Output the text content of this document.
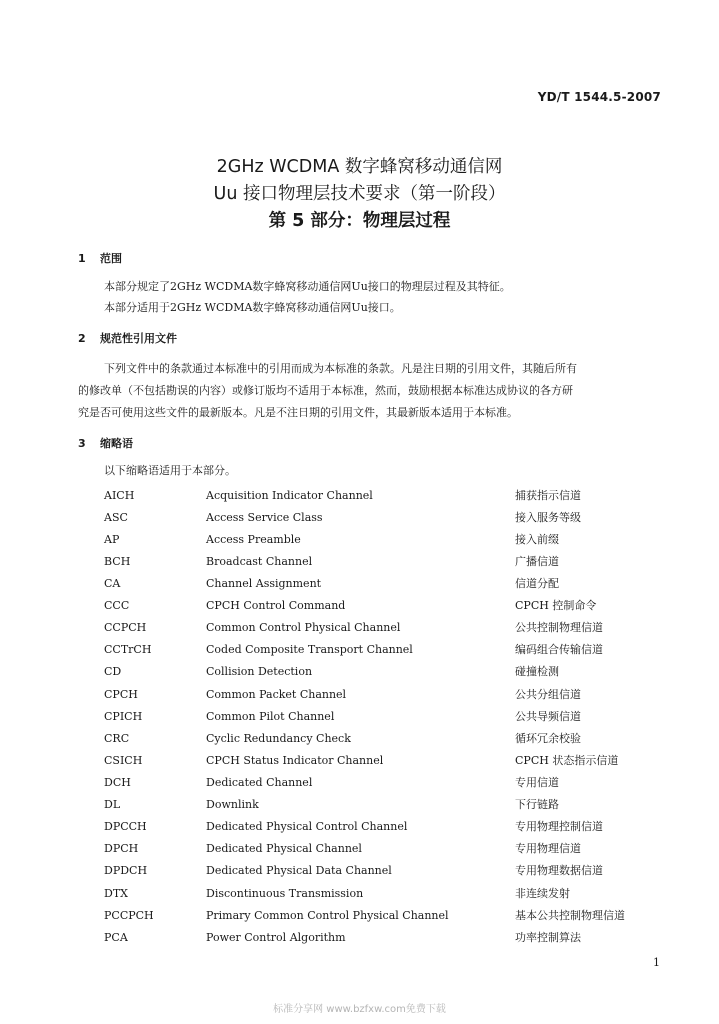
YD/T 1544.5-2007
2GHz WCDMA 数字蜂窝移动通信网
Uu 接口物理层技术要求（第一阶段）
第 5 部分：物理层过程
1 范围
本部分规定了2GHz WCDMA数字蜂窝移动通信网Uu接口的物理层过程及其特征。
本部分适用于2GHz WCDMA数字蜂窝移动通信网Uu接口。
2 规范性引用文件
下列文件中的条款通过本标准中的引用而成为本标准的条款。凡是注日期的引用文件，其随后所有
的修改单（不包括勘误的内容）或修订版均不适用于本标准，然而，鼓励根据本标准达成协议的各方研
究是否可使用这些文件的最新版本。凡是不注日期的引用文件，其最新版本适用于本标准。
3 缩略语
以下缩略语适用于本部分。
AICH	Acquisition Indicator Channel	捕获指示信道
ASC	Access Service Class	接入服务等级
AP	Access Preamble	接入前缀
BCH	Broadcast Channel	广播信道
CA	Channel Assignment	信道分配
CCC	CPCH Control Command	CPCH 控制命令
CCPCH	Common Control Physical Channel	公共控制物理信道
CCTrCH	Coded Composite Transport Channel	编码组合传输信道
CD	Collision Detection	碰撞检测
CPCH	Common Packet Channel	公共分组信道
CPICH	Common Pilot Channel	公共导频信道
CRC	Cyclic Redundancy Check	循环冗余校验
CSICH	CPCH Status Indicator Channel	CPCH 状态指示信道
DCH	Dedicated Channel	专用信道
DL	Downlink	下行链路
DPCCH	Dedicated Physical Control Channel	专用物理控制信道
DPCH	Dedicated Physical Channel	专用物理信道
DPDCH	Dedicated Physical Data Channel	专用物理数据信道
DTX	Discontinuous Transmission	非连续发射
PCCPCH	Primary Common Control Physical Channel	基本公共控制物理信道
PCA	Power Control Algorithm	功率控制算法
1
标准分享网 www.bzfxw.com免费下载
